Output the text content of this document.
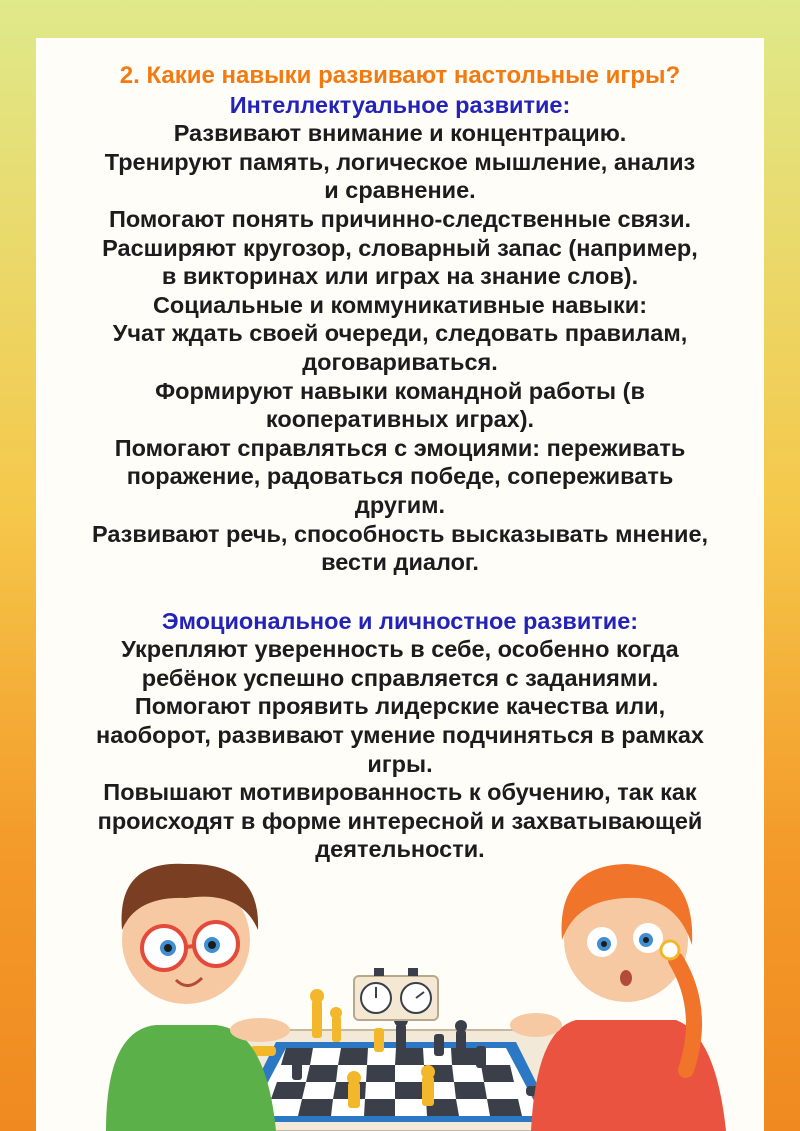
2. Какие навыки развивают настольные игры?

Интеллектуальное развитие:

Развивают внимание и концентрацию.

Тренируют память, логическое мышление, анализ

и сравнение.

Помогают понять причинно-следственные связи.

Расширяют кругозор, словарный запас (например,

в викторинах или играх на знание слов).

Социальные и коммуникативные навыки:

Учат ждать своей очереди, следовать правилам,

договариваться.

Формируют навыки командной работы (в

кооперативных играх).

Помогают справляться с эмоциями: переживать

поражение, радоваться победе, сопереживать

другим.

Развивают речь, способность высказывать мнение,

вести диалог.

Эмоциональное и личностное развитие:

Укрепляют уверенность в себе, особенно когда

ребёнок успешно справляется с заданиями.

Помогают проявить лидерские качества или,

наоборот, развивают умение подчиняться в рамках

игры.

Повышают мотивированность к обучению, так как

происходят в форме интересной и захватывающей

деятельности.
